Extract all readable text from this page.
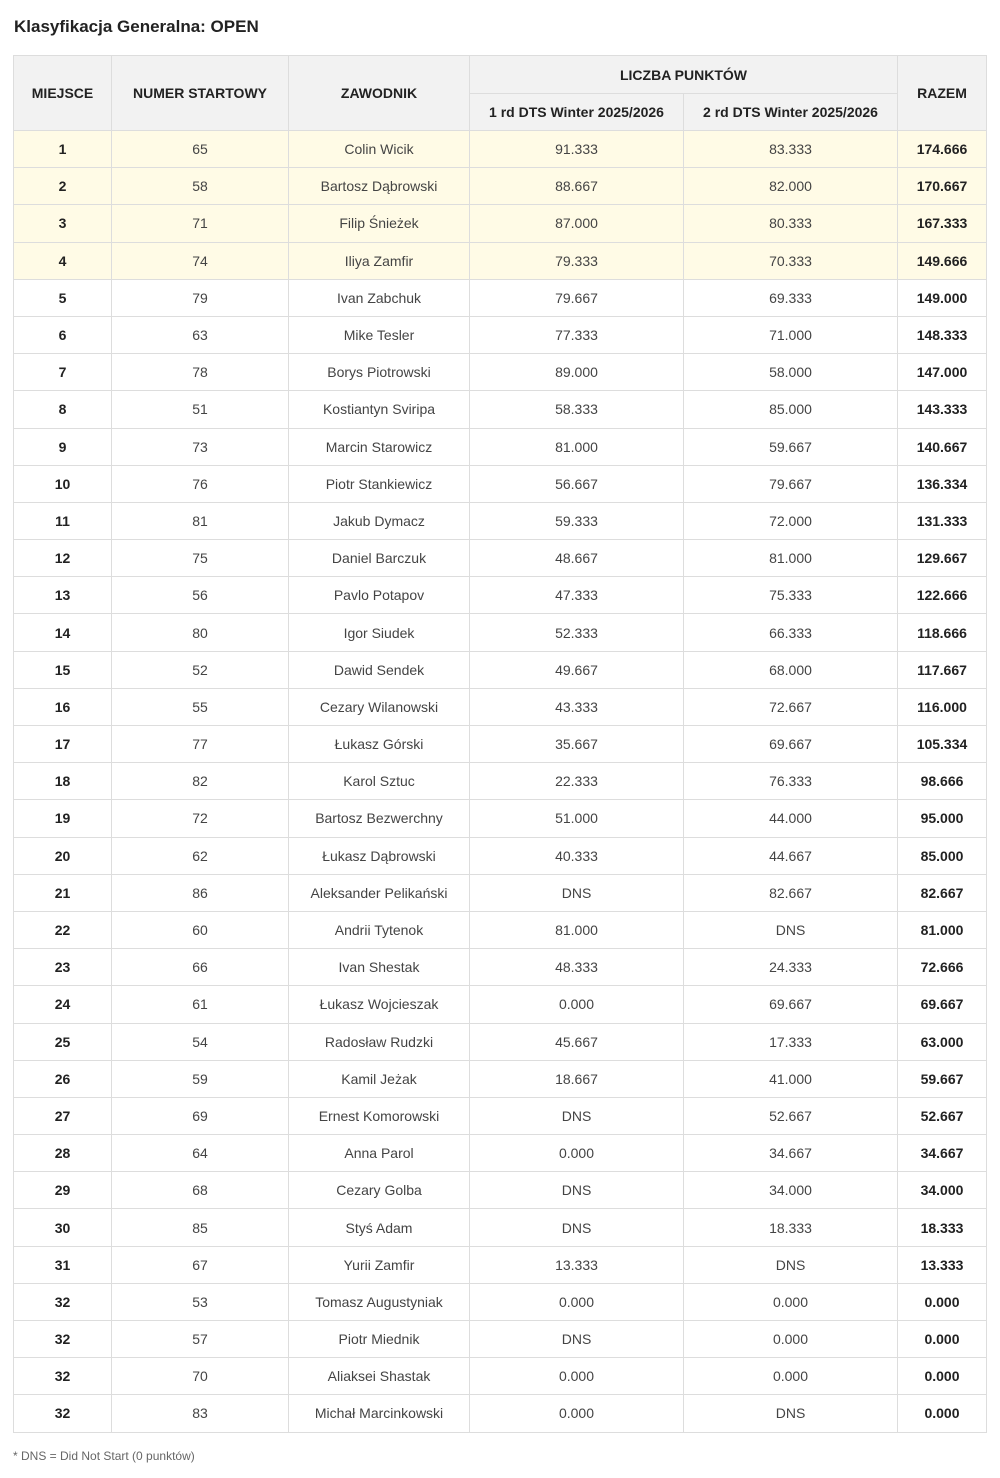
Klasyfikacja Generalna: OPEN
MIEJSCE	NUMER STARTOWY	ZAWODNIK	LICZBA PUNKTÓW		RAZEM
			1 rd DTS Winter 2025/2026	2 rd DTS Winter 2025/2026	
1	65	Colin Wicik	91.333	83.333	174.666
2	58	Bartosz Dąbrowski	88.667	82.000	170.667
3	71	Filip Śnieżek	87.000	80.333	167.333
4	74	Iliya Zamfir	79.333	70.333	149.666
5	79	Ivan Zabchuk	79.667	69.333	149.000
6	63	Mike Tesler	77.333	71.000	148.333
7	78	Borys Piotrowski	89.000	58.000	147.000
8	51	Kostiantyn Sviripa	58.333	85.000	143.333
9	73	Marcin Starowicz	81.000	59.667	140.667
10	76	Piotr Stankiewicz	56.667	79.667	136.334
11	81	Jakub Dymacz	59.333	72.000	131.333
12	75	Daniel Barczuk	48.667	81.000	129.667
13	56	Pavlo Potapov	47.333	75.333	122.666
14	80	Igor Siudek	52.333	66.333	118.666
15	52	Dawid Sendek	49.667	68.000	117.667
16	55	Cezary Wilanowski	43.333	72.667	116.000
17	77	Łukasz Górski	35.667	69.667	105.334
18	82	Karol Sztuc	22.333	76.333	98.666
19	72	Bartosz Bezwerchny	51.000	44.000	95.000
20	62	Łukasz Dąbrowski	40.333	44.667	85.000
21	86	Aleksander Pelikański	DNS	82.667	82.667
22	60	Andrii Tytenok	81.000	DNS	81.000
23	66	Ivan Shestak	48.333	24.333	72.666
24	61	Łukasz Wojcieszak	0.000	69.667	69.667
25	54	Radosław Rudzki	45.667	17.333	63.000
26	59	Kamil Jeżak	18.667	41.000	59.667
27	69	Ernest Komorowski	DNS	52.667	52.667
28	64	Anna Parol	0.000	34.667	34.667
29	68	Cezary Golba	DNS	34.000	34.000
30	85	Styś Adam	DNS	18.333	18.333
31	67	Yurii Zamfir	13.333	DNS	13.333
32	53	Tomasz Augustyniak	0.000	0.000	0.000
32	57	Piotr Miednik	DNS	0.000	0.000
32	70	Aliaksei Shastak	0.000	0.000	0.000
32	83	Michał Marcinkowski	0.000	DNS	0.000

* DNS = Did Not Start (0 punktów)
